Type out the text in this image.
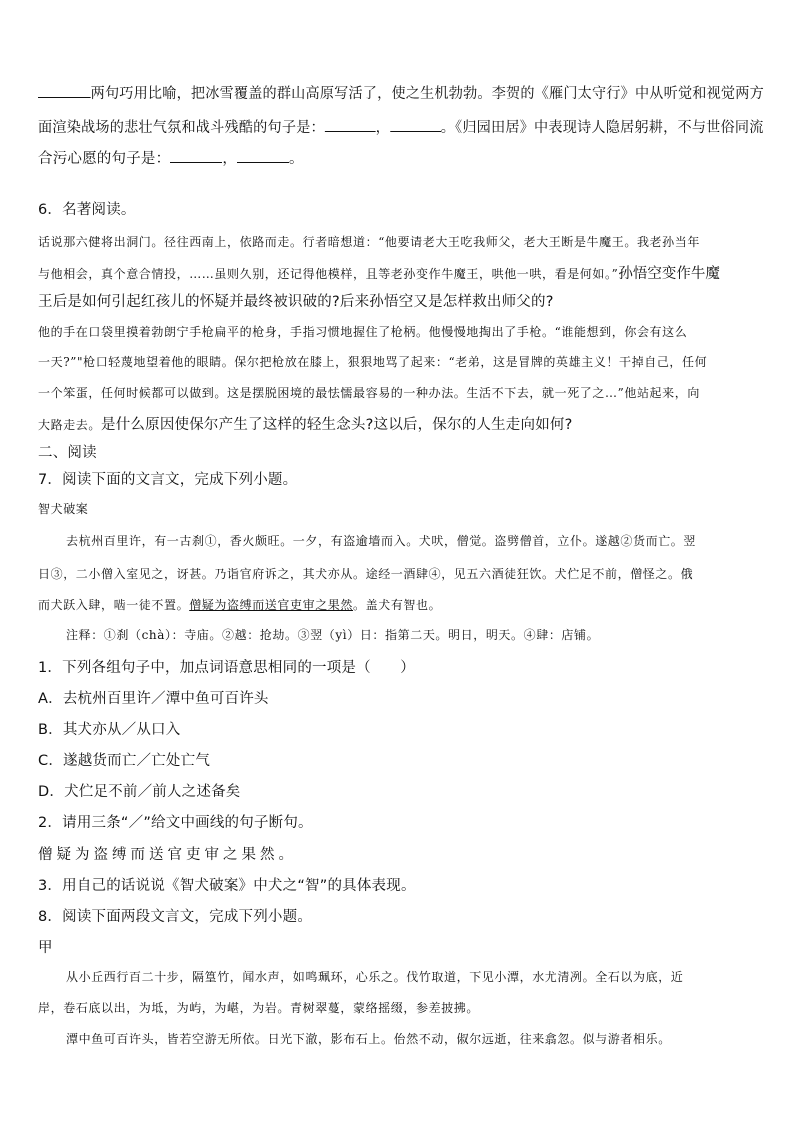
两句巧用比喻，把冰雪覆盖的群山高原写活了，使之生机勃勃。李贺的《雁门太守行》中从听觉和视觉两方
面渲染战场的悲壮气氛和战斗残酷的句子是：	，	。《归园田居》中表现诗人隐居躬耕，不与世俗同流
合污心愿的句子是：	，	。
6．名著阅读。
话说那六健将出洞门。径往西南上，依路而走。行者暗想道：“他要请老大王吃我师父，老大王断是牛魔王。我老孙当年
与他相会，真个意合情投，……虽则久别，还记得他模样，且等老孙变作牛魔王，哄他一哄，看是何如。”孙悟空变作牛魔
王后是如何引起红孩儿的怀疑并最终被识破的?后来孙悟空又是怎样救出师父的?
他的手在口袋里摸着勃朗宁手枪扁平的枪身，手指习惯地握住了枪柄。他慢慢地掏出了手枪。“谁能想到，你会有这么
一天?”"枪口轻蔑地望着他的眼睛。保尔把枪放在膝上，狠狠地骂了起来：“老弟，这是冒牌的英雄主义！干掉自己，任何
一个笨蛋，任何时候都可以做到。这是摆脱困境的最怯懦最容易的一种办法。生活不下去，就一死了之…”他站起来，向
大路走去。是什么原因使保尔产生了这样的轻生念头?这以后，保尔的人生走向如何?
二、阅读
7．阅读下面的文言文，完成下列小题。
智犬破案
去杭州百里许，有一古刹①，香火颇旺。一夕，有盗逾墙而入。犬吠，僧觉。盗劈僧首，立仆。遂越②货而亡。翌
日③，二小僧入室见之，讶甚。乃诣官府诉之，其犬亦从。途经一酒肆④，见五六酒徒狂饮。犬伫足不前，僧怪之。俄
而犬跃入肆，啮一徒不置。僧疑为盗缚而送官吏审之果然。盖犬有智也。
注释：①刹（chà）：寺庙。②越：抢劫。③翌（yì）日：指第二天。明日，明天。④肆：店铺。
1．下列各组句子中，加点词语意思相同的一项是（　　）
A．去杭州百里许／潭中鱼可百许头
B．其犬亦从／从口入
C．遂越货而亡／亡处亡气
D．犬伫足不前／前人之述备矣
2．请用三条“／”给文中画线的句子断句。
僧疑为盗缚而送官吏审之果然。
3．用自己的话说说《智犬破案》中犬之“智”的具体表现。
8．阅读下面两段文言文，完成下列小题。
甲
从小丘西行百二十步，隔篁竹，闻水声，如鸣珮环，心乐之。伐竹取道，下见小潭，水尤清冽。全石以为底，近
岸，卷石底以出，为坻，为屿，为嵁，为岩。青树翠蔓，蒙络摇缀，参差披拂。
潭中鱼可百许头，皆若空游无所依。日光下澈，影布石上。佁然不动，俶尔远逝，往来翕忽。似与游者相乐。
